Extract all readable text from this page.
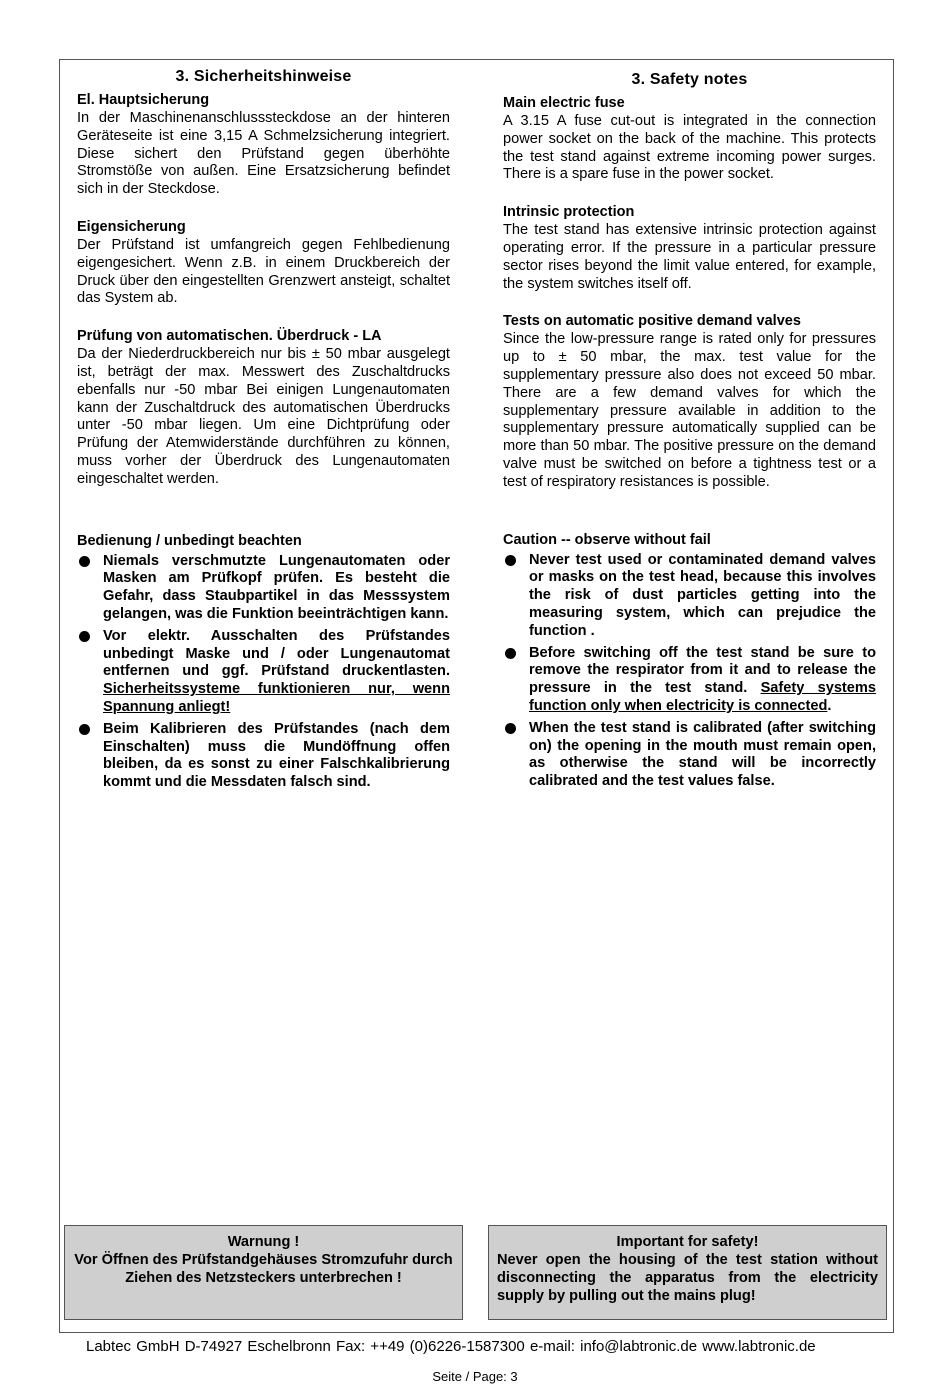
3. Sicherheitshinweise
El. Hauptsicherung

In der Maschinenanschlusssteckdose an der hinteren Geräteseite ist eine 3,15 A Schmelzsicherung integriert. Diese sichert den Prüfstand gegen überhöhte Stromstöße von außen. Eine Ersatzsicherung befindet sich in der Steckdose.

Eigensicherung

Der Prüfstand ist umfangreich gegen Fehlbedienung eigengesichert. Wenn z.B. in einem Druckbereich der Druck über den eingestellten Grenzwert ansteigt, schaltet das System ab.

Prüfung von automatischen. Überdruck - LA

Da der Niederdruckbereich nur bis ± 50 mbar ausgelegt ist, beträgt der max. Messwert des Zuschaltdrucks ebenfalls nur -50 mbar Bei einigen Lungenautomaten kann der Zuschaltdruck des automatischen Überdrucks unter -50 mbar liegen. Um eine Dichtprüfung oder Prüfung der Atemwiderstände durchführen zu können, muss vorher der Überdruck des Lungenautomaten eingeschaltet werden.

Bedienung / unbedingt beachten
Niemals verschmutzte Lungenautomaten oder Masken am Prüfkopf prüfen. Es besteht die Gefahr, dass Staubpartikel in das Messsystem gelangen, was die Funktion beeinträchtigen kann.
Vor elektr. Ausschalten des Prüfstandes unbedingt Maske und / oder Lungenautomat entfernen und ggf. Prüfstand druckentlasten. Sicherheitssysteme funktionieren nur, wenn Spannung anliegt!
Beim Kalibrieren des Prüfstandes (nach dem Einschalten) muss die Mundöffnung offen bleiben, da es sonst zu einer Falschkalibrierung kommt und die Messdaten falsch sind.
3. Safety notes
Main electric fuse

A 3.15 A fuse cut-out is integrated in the connection power socket on the back of the machine. This protects the test stand against extreme incoming power surges. There is a spare fuse in the power socket.

Intrinsic protection

The test stand has extensive intrinsic protection against operating error. If the pressure in a particular pressure sector rises beyond the limit value entered, for example, the system switches itself off.

Tests on automatic positive demand valves

Since the low-pressure range is rated only for pressures up to ± 50 mbar, the max. test value for the supplementary pressure also does not exceed 50 mbar. There are a few demand valves for which the supplementary pressure available in addition to the supplementary pressure automatically supplied can be more than 50 mbar. The positive pressure on the demand valve must be switched on before a tightness test or a test of respiratory resistances is possible.

Caution -- observe without fail
Never test used or contaminated demand valves or masks on the test head, because this involves the risk of dust particles getting into the measuring system, which can prejudice the function .
Before switching off the test stand be sure to remove the respirator from it and to release the pressure in the test stand. Safety systems function only when electricity is connected.
When the test stand is calibrated (after switching on) the opening in the mouth must remain open, as otherwise the stand will be incorrectly calibrated and the test values false.
Warnung !
Vor Öffnen des Prüfstandgehäuses Stromzufuhr durch Ziehen des Netzsteckers unterbrechen !
Important for safety!
Never open the housing of the test station without disconnecting the apparatus from the electricity supply by pulling out the mains plug!
Labtec GmbH D-74927 Eschelbronn Fax: ++49 (0)6226-1587300 e-mail: info@labtronic.de www.labtronic.de
Seite / Page: 3
